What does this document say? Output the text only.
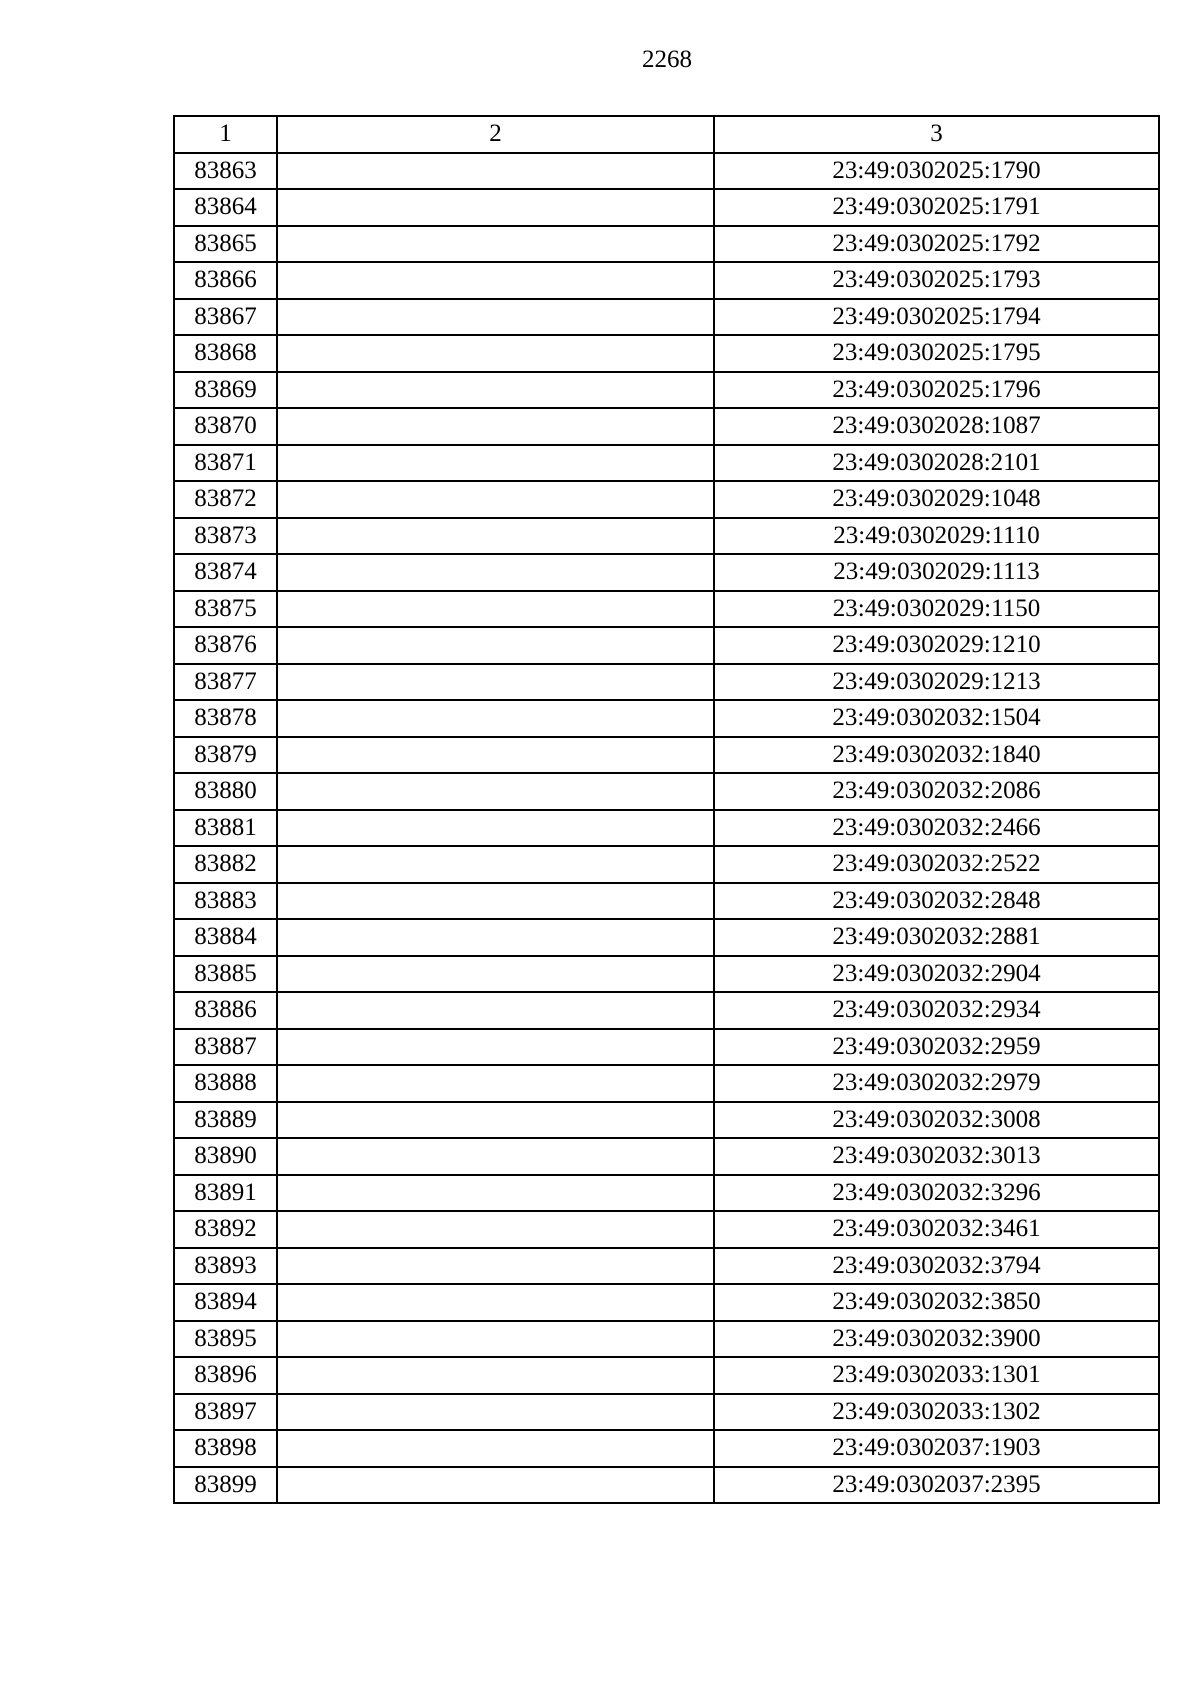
2268
1	2	3
83863		23:49:0302025:1790
83864		23:49:0302025:1791
83865		23:49:0302025:1792
83866		23:49:0302025:1793
83867		23:49:0302025:1794
83868		23:49:0302025:1795
83869		23:49:0302025:1796
83870		23:49:0302028:1087
83871		23:49:0302028:2101
83872		23:49:0302029:1048
83873		23:49:0302029:1110
83874		23:49:0302029:1113
83875		23:49:0302029:1150
83876		23:49:0302029:1210
83877		23:49:0302029:1213
83878		23:49:0302032:1504
83879		23:49:0302032:1840
83880		23:49:0302032:2086
83881		23:49:0302032:2466
83882		23:49:0302032:2522
83883		23:49:0302032:2848
83884		23:49:0302032:2881
83885		23:49:0302032:2904
83886		23:49:0302032:2934
83887		23:49:0302032:2959
83888		23:49:0302032:2979
83889		23:49:0302032:3008
83890		23:49:0302032:3013
83891		23:49:0302032:3296
83892		23:49:0302032:3461
83893		23:49:0302032:3794
83894		23:49:0302032:3850
83895		23:49:0302032:3900
83896		23:49:0302033:1301
83897		23:49:0302033:1302
83898		23:49:0302037:1903
83899		23:49:0302037:2395
